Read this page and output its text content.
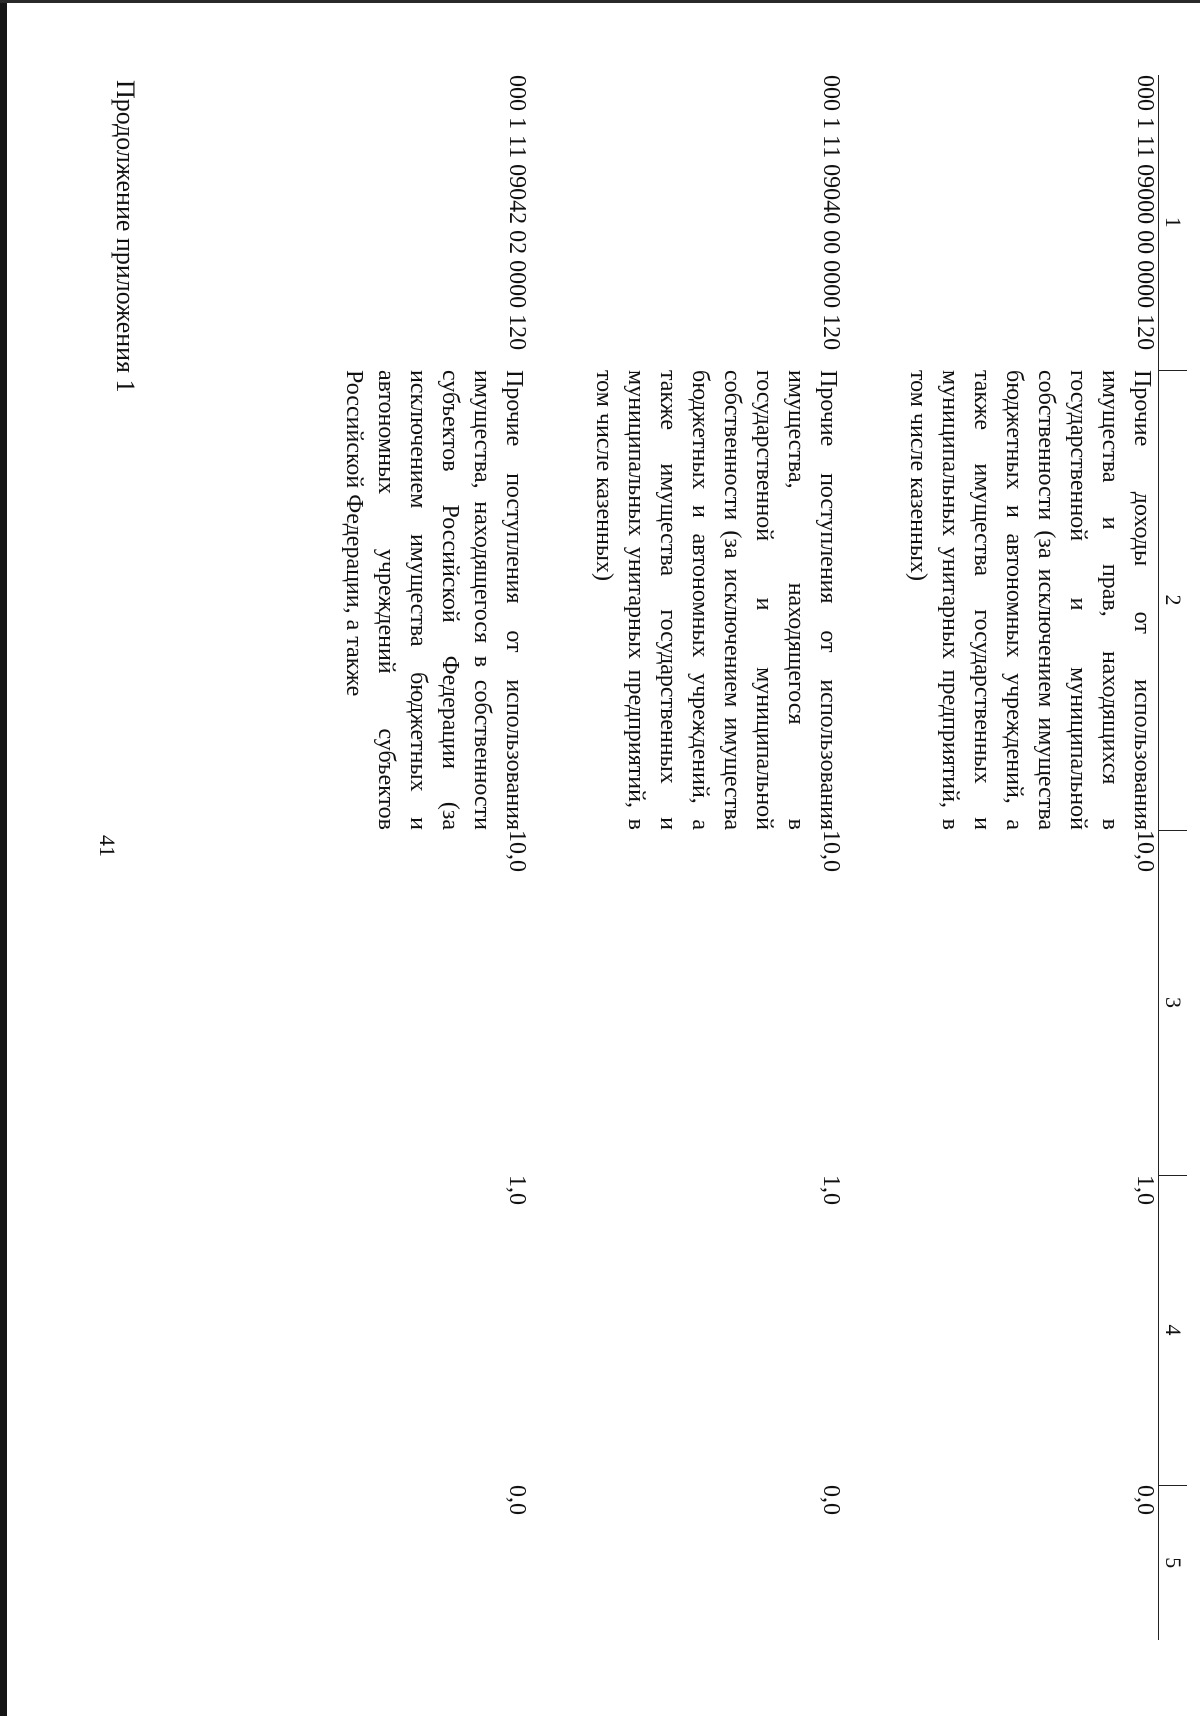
41
Продолжение приложения 1	1	2	3	4	5
000 1 11 09000 00 0000 120	Прочие доходы от использования имущества и прав, находящихся в государственной и муниципальной собственности (за исключением имущества бюджетных и автономных учреждений, а также имущества государственных и муниципальных унитарных предприятий, в том числе казенных)	10,0	1,0	0,0
000 1 11 09040 00 0000 120	Прочие поступления от использования имущества, находящегося в государственной и муниципальной собственности (за исключением имущества бюджетных и автономных учреждений, а также имущества государственных и муниципальных унитарных предприятий, в том числе казенных)	10,0	1,0	0,0
000 1 11 09042 02 0000 120	Прочие поступления от использования имущества, находящегося в собственности субъектов Российской Федерации (за исключением имущества бюджетных и автономных учреждений субъектов Российской Федерации, а также	10,0	1,0	0,0
